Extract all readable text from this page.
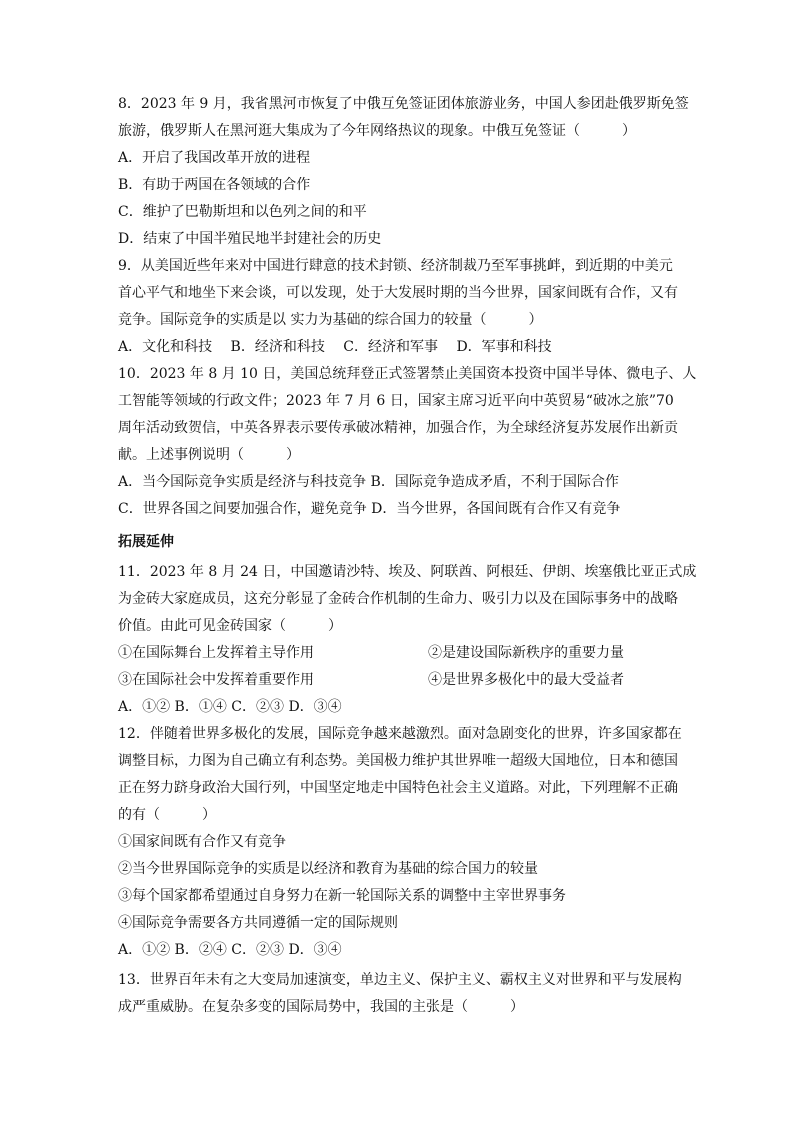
8．2023 年 9 月，我省黑河市恢复了中俄互免签证团体旅游业务，中国人参团赴俄罗斯免签
旅游，俄罗斯人在黑河逛大集成为了今年网络热议的现象。中俄互免签证（　　　）
A．开启了我国改革开放的进程
B．有助于两国在各领域的合作
C．维护了巴勒斯坦和以色列之间的和平
D．结束了中国半殖民地半封建社会的历史
9．从美国近些年来对中国进行肆意的技术封锁、经济制裁乃至军事挑衅，到近期的中美元
首心平气和地坐下来会谈，可以发现，处于大发展时期的当今世界，国家间既有合作，又有
竞争。国际竞争的实质是以 实力为基础的综合国力的较量（　　　）
A．文化和科技　 B．经济和科技　 C．经济和军事　 D．军事和科技
10．2023 年 8 月 10 日，美国总统拜登正式签署禁止美国资本投资中国半导体、微电子、人
工智能等领域的行政文件；2023 年 7 月 6 日，国家主席习近平向中英贸易“破冰之旅”70
周年活动致贺信，中英各界表示要传承破冰精神，加强合作，为全球经济复苏发展作出新贡
献。上述事例说明（　　　）
A．当今国际竞争实质是经济与科技竞争 B．国际竞争造成矛盾，不利于国际合作
C．世界各国之间要加强合作，避免竞争 D．当今世界，各国间既有合作又有竞争
拓展延伸
11．2023 年 8 月 24 日，中国邀请沙特、埃及、阿联酋、阿根廷、伊朗、埃塞俄比亚正式成
为金砖大家庭成员，这充分彰显了金砖合作机制的生命力、吸引力以及在国际事务中的战略
价值。由此可见金砖国家（　　　）
①在国际舞台上发挥着主导作用	②是建设国际新秩序的重要力量
③在国际社会中发挥着重要作用	④是世界多极化中的最大受益者
A．①② B．①④ C．②③ D．③④
12．伴随着世界多极化的发展，国际竞争越来越激烈。面对急剧变化的世界，许多国家都在
调整目标，力图为自己确立有利态势。美国极力维护其世界唯一超级大国地位，日本和德国
正在努力跻身政治大国行列，中国坚定地走中国特色社会主义道路。对此，下列理解不正确
的有（　　　）
①国家间既有合作又有竞争
②当今世界国际竞争的实质是以经济和教育为基础的综合国力的较量
③每个国家都希望通过自身努力在新一轮国际关系的调整中主宰世界事务
④国际竞争需要各方共同遵循一定的国际规则
A．①② B．②④ C．②③ D．③④
13．世界百年未有之大变局加速演变，单边主义、保护主义、霸权主义对世界和平与发展构
成严重威胁。在复杂多变的国际局势中，我国的主张是（　　　）
